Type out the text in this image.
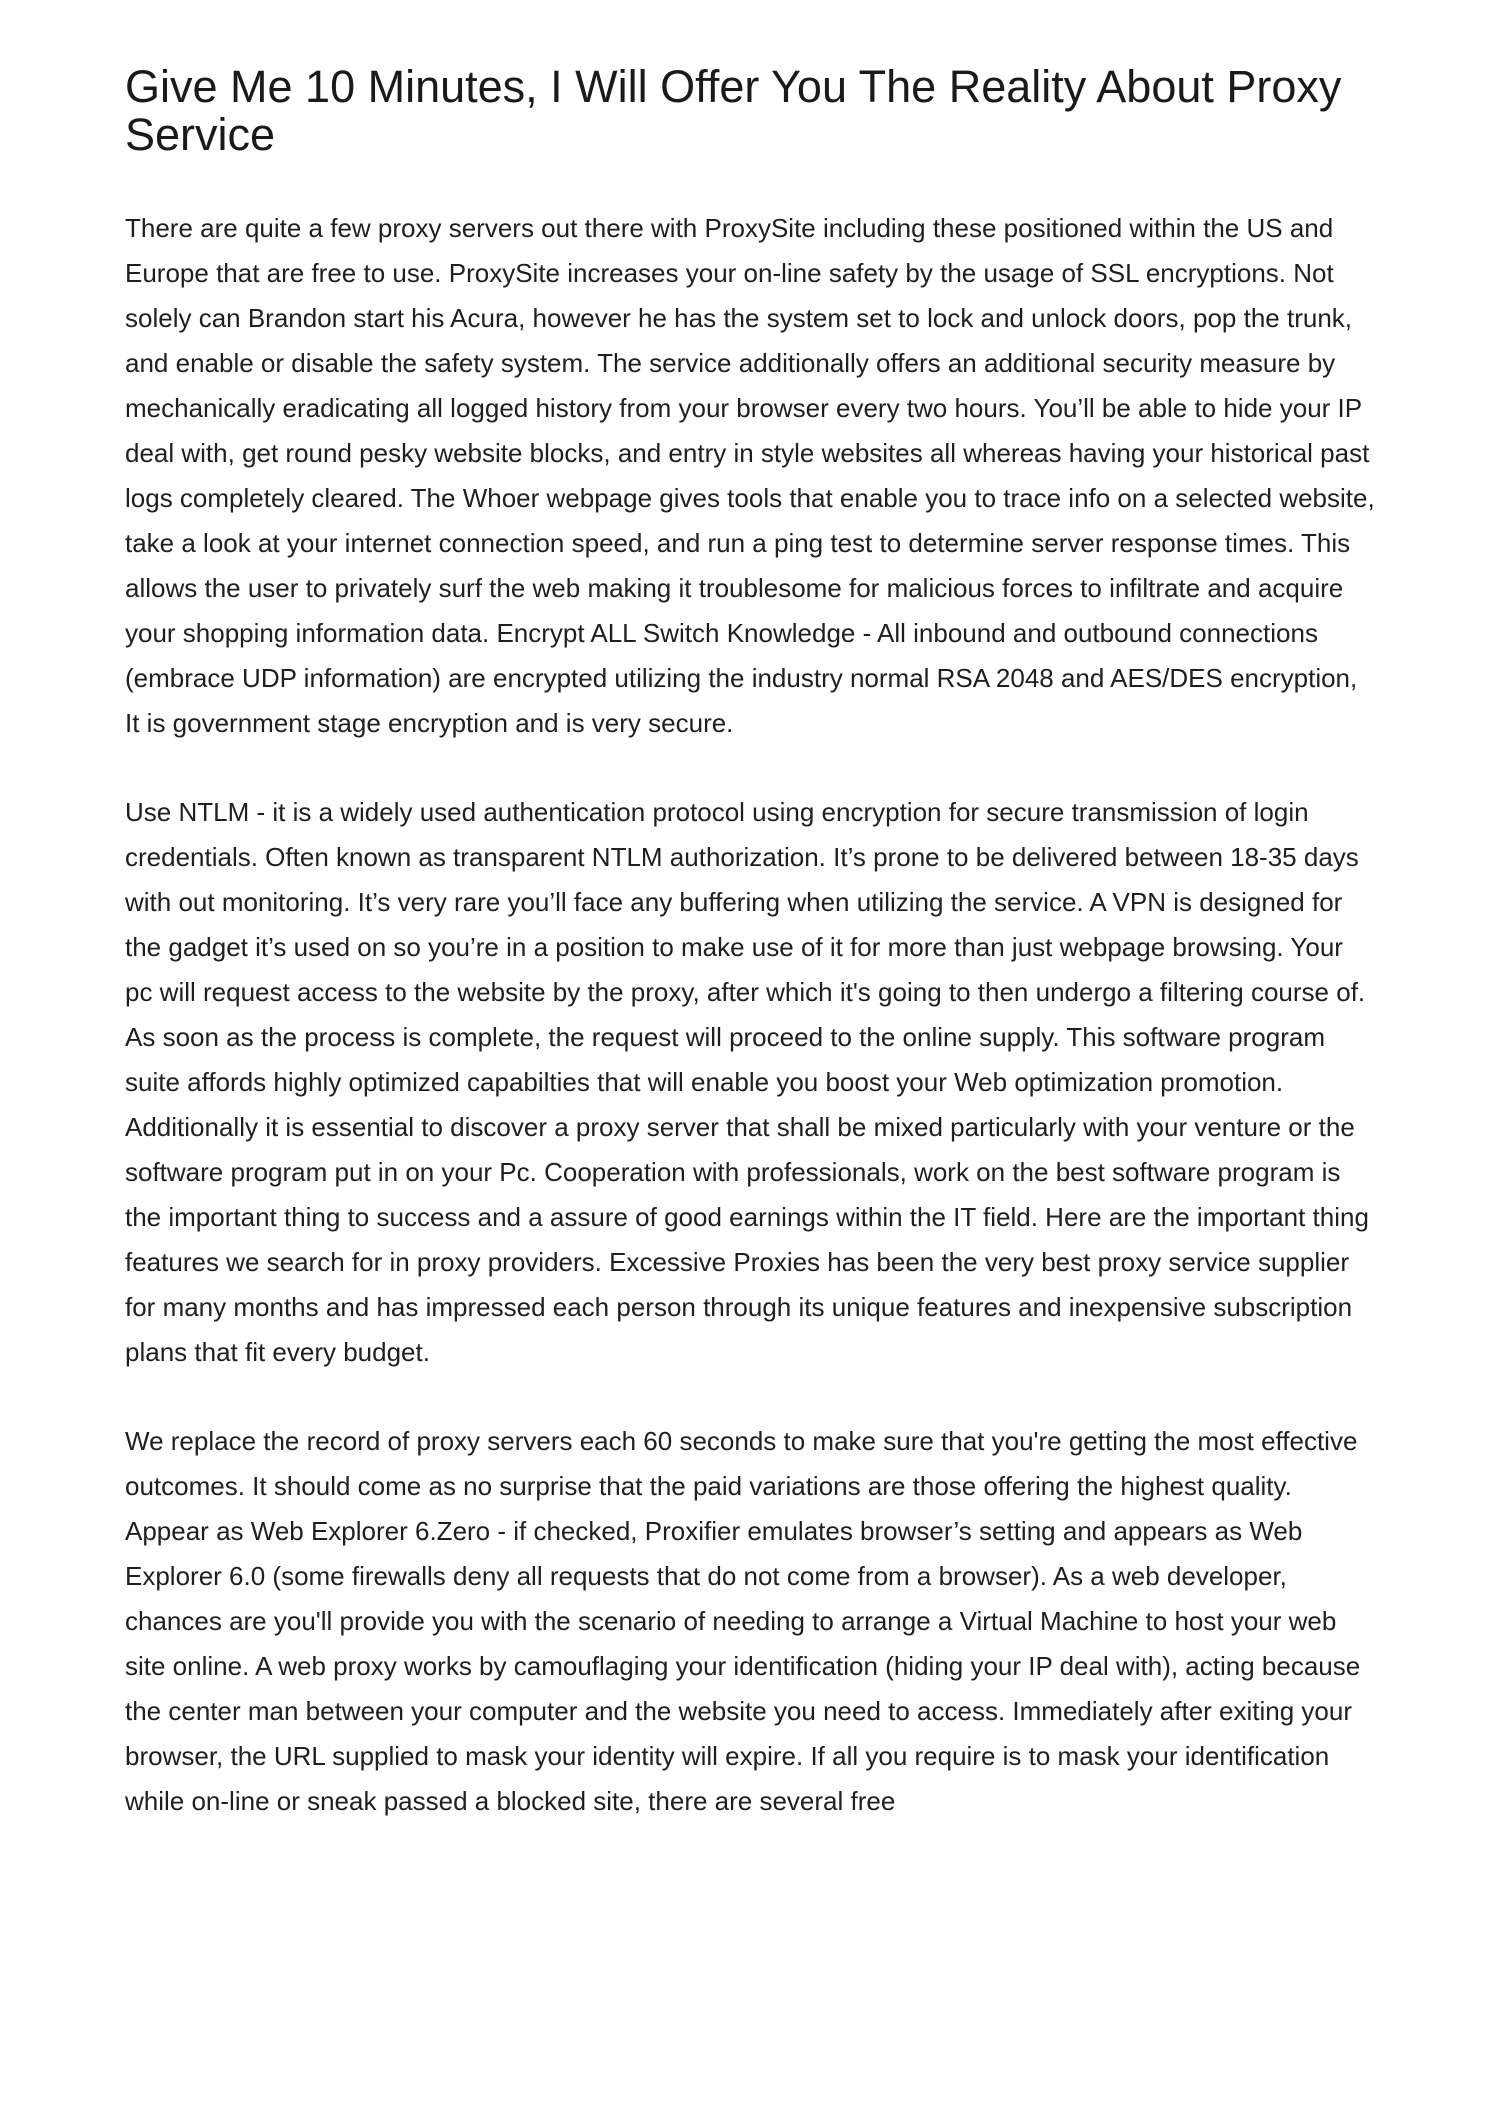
Give Me 10 Minutes, I Will Offer You The Reality About Proxy Service

There are quite a few proxy servers out there with ProxySite including these positioned within the US and Europe that are free to use. ProxySite increases your on-line safety by the usage of SSL encryptions. Not solely can Brandon start his Acura, however he has the system set to lock and unlock doors, pop the trunk, and enable or disable the safety system. The service additionally offers an additional security measure by mechanically eradicating all logged history from your browser every two hours. You’ll be able to hide your IP deal with, get round pesky website blocks, and entry in style websites all whereas having your historical past logs completely cleared. The Whoer webpage gives tools that enable you to trace info on a selected website, take a look at your internet connection speed, and run a ping test to determine server response times. This allows the user to privately surf the web making it troublesome for malicious forces to infiltrate and acquire your shopping information data. Encrypt ALL Switch Knowledge - All inbound and outbound connections (embrace UDP information) are encrypted utilizing the industry normal RSA 2048 and AES/DES encryption, It is government stage encryption and is very secure.

Use NTLM - it is a widely used authentication protocol using encryption for secure transmission of login credentials. Often known as transparent NTLM authorization. It’s prone to be delivered between 18-35 days with out monitoring. It’s very rare you’ll face any buffering when utilizing the service. A VPN is designed for the gadget it’s used on so you’re in a position to make use of it for more than just webpage browsing. Your pc will request access to the website by the proxy, after which it's going to then undergo a filtering course of. As soon as the process is complete, the request will proceed to the online supply. This software program suite affords highly optimized capabilties that will enable you boost your Web optimization promotion. Additionally it is essential to discover a proxy server that shall be mixed particularly with your venture or the software program put in on your Pc. Cooperation with professionals, work on the best software program is the important thing to success and a assure of good earnings within the IT field. Here are the important thing features we search for in proxy providers. Excessive Proxies has been the very best proxy service supplier for many months and has impressed each person through its unique features and inexpensive subscription plans that fit every budget.

We replace the record of proxy servers each 60 seconds to make sure that you're getting the most effective outcomes. It should come as no surprise that the paid variations are those offering the highest quality. Appear as Web Explorer 6.Zero - if checked, Proxifier emulates browser’s setting and appears as Web Explorer 6.0 (some firewalls deny all requests that do not come from a browser). As a web developer, chances are you'll provide you with the scenario of needing to arrange a Virtual Machine to host your web site online. A web proxy works by camouflaging your identification (hiding your IP deal with), acting because the center man between your computer and the website you need to access. Immediately after exiting your browser, the URL supplied to mask your identity will expire. If all you require is to mask your identification while on-line or sneak passed a blocked site, there are several free
